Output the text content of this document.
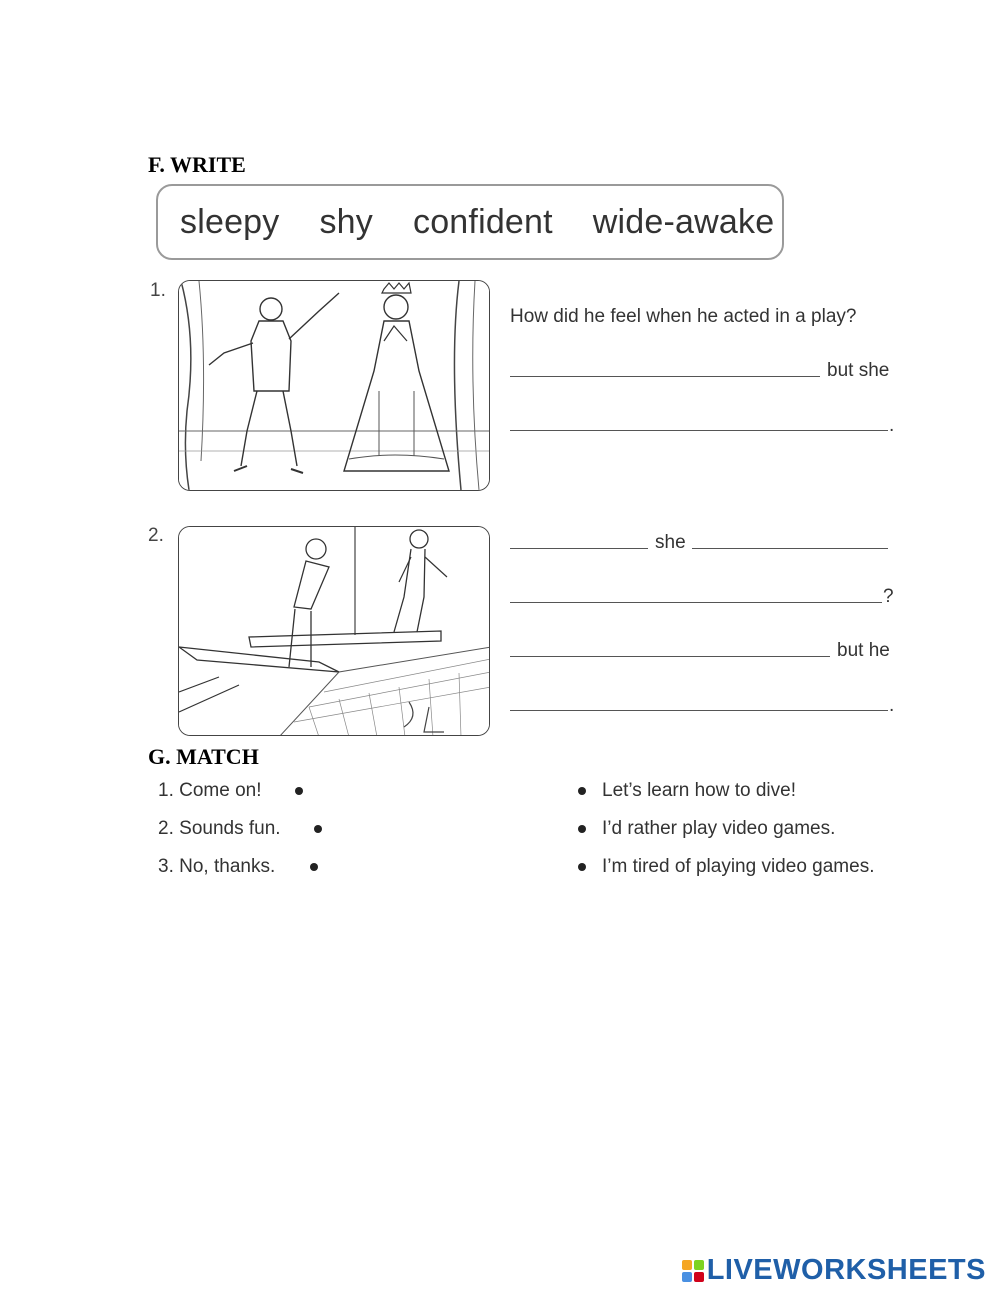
F. WRITE
sleepy shy confident wide-awake
1.
How did he feel when he acted in a play?
but she
.
2.	she
?
but he
.
G. MATCH
1. Come on!
2. Sounds fun.
3. No, thanks.
Let’s learn how to dive!
I’d rather play video games.
I’m tired of playing video games.
LIVEWORKSHEETS
